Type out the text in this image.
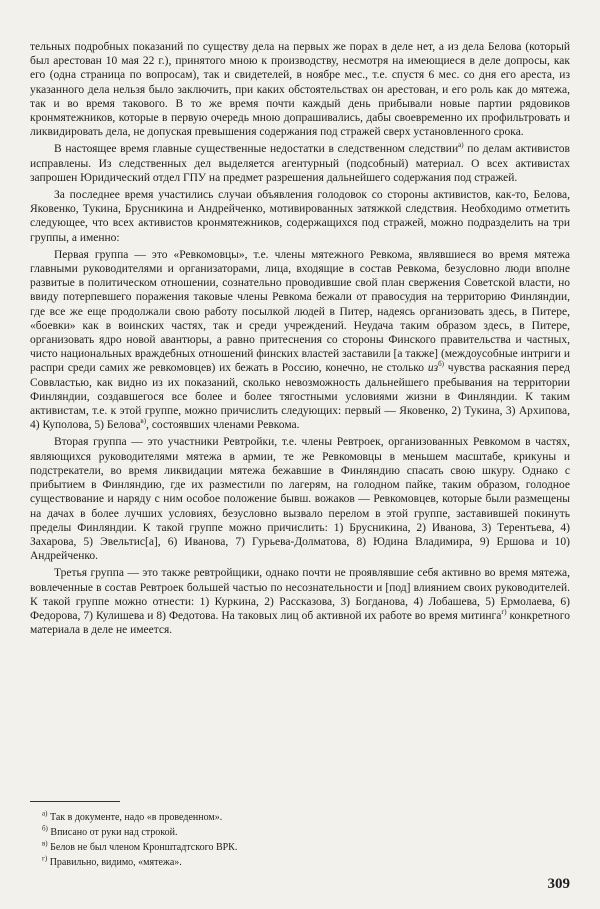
тельных подробных показаний по существу дела на первых же порах в деле нет, а из дела Белова (который был арестован 10 мая 22 г.), принятого мною к производству, несмотря на имеющиеся в деле допросы, как его (одна страница по вопросам), так и свидетелей, в ноябре мес., т.е. спустя 6 мес. со дня его ареста, из указанного дела нельзя было заключить, при каких обстоятельствах он арестован, и его роль как до мятежа, так и во время такового. В то же время почти каждый день прибывали новые партии рядовиков кронмятежников, которые в первую очередь мною допрашивались, дабы своевременно их профильтровать и ликвидировать дела, не допуская превышения содержания под стражей сверх установленного срока.

В настоящее время главные существенные недостатки в следственном следствии$^{а)}$ по делам активистов исправлены. Из следственных дел выделяется агентурный (подсобный) материал. О всех активистах запрошен Юридический отдел ГПУ на предмет разрешения дальнейшего содержания под стражей.

За последнее время участились случаи объявления голодовок со стороны активистов, как-то, Белова, Яковенко, Тукина, Брусникина и Андрейченко, мотивированных затяжкой следствия. Необходимо отметить следующее, что всех активистов кронмятежников, содержащихся под стражей, можно подразделить на три группы, а именно:

Первая группа — это «Ревкомовцы», т.е. члены мятежного Ревкома, являвшиеся во время мятежа главными руководителями и организаторами, лица, входящие в состав Ревкома, безусловно люди вполне развитые в политическом отношении, сознательно проводившие свой план свержения Советской власти, но ввиду потерпевшего поражения таковые члены Ревкома бежали от правосудия на территорию Финляндии, где все же еще продолжали свою работу посылкой людей в Питер, надеясь организовать здесь, в Питере, «боевки» как в воинских частях, так и среди учреждений. Неудача таким образом здесь, в Питере, организовать ядро новой авантюры, а равно притеснения со стороны Финского правительства и частных, чисто национальных враждебных отношений финских властей заставили [а также] (междоусобные интриги и распри среди самих же ревкомовцев) их бежать в Россию, конечно, не столько $из^{б)}$ чувства раскаяния перед Соввластью, как видно из их показаний, сколько невозможность дальнейшего пребывания на территории Финляндии, создавшегося все более и более тягостными условиями жизни в Финляндии. К таким активистам, т.е. к этой группе, можно причислить следующих: первый — Яковенко, 2) Тукина, 3) Архипова, 4) Куполова, 5) Белова$^{в)}$, состоявших членами Ревкома.

Вторая группа — это участники Ревтройки, т.е. члены Ревтроек, организованных Ревкомом в частях, являющихся руководителями мятежа в армии, те же Ревкомовцы в меньшем масштабе, крикуны и подстрекатели, во время ликвидации мятежа бежавшие в Финляндию спасать свою шкуру. Однако с прибытием в Финляндию, где их разместили по лагерям, на голодном пайке, таким образом, голодное существование и наряду с ним особое положение бывш. вожаков — Ревкомовцев, которые были размещены на дачах в более лучших условиях, безусловно вызвало перелом в этой группе, заставившей покинуть пределы Финляндии. К такой группе можно причислить: 1) Брусникина, 2) Иванова, 3) Терентьева, 4) Захарова, 5) Эвельтис[а], 6) Иванова, 7) Гурьева-Долматова, 8) Юдина Владимира, 9) Ершова и 10) Андрейченко.

Третья группа — это также ревтройщики, однако почти не проявлявшие себя активно во время мятежа, вовлеченные в состав Ревтроек большей частью по несознательности и [под] влиянием своих руководителей. К такой группе можно отнести: 1) Куркина, 2) Рассказова, 3) Богданова, 4) Лобашева, 5) Ермолаева, 6) Федорова, 7) Кулишева и 8) Федотова. На таковых лиц об активной их работе во время митинга$^{г)}$ конкретного материала в деле не имеется.

$^{а)}$ Так в документе, надо «в проведенном».
$^{б)}$ Вписано от руки над строкой.
$^{в)}$ Белов не был членом Кронштадтского ВРК.
$^{г)}$ Правильно, видимо, «мятежа».
309
